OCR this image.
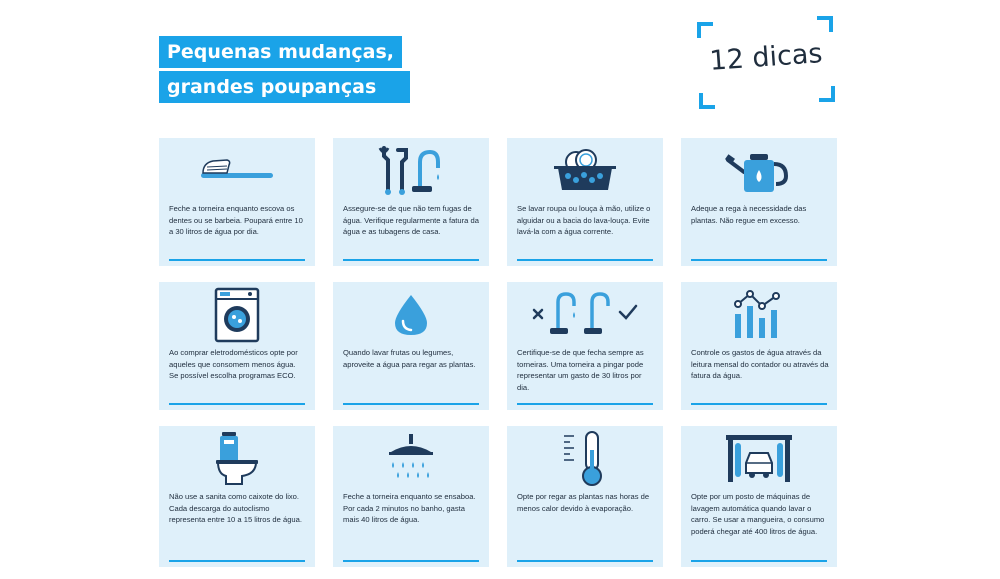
Pequenas mudanças,
grandes poupanças
12 dicas
Feche a torneira enquanto escova os dentes ou se barbeia. Poupará entre 10 a 30 litros de água por dia.
Assegure-se de que não tem fugas de água. Verifique regularmente a fatura da água e as tubagens de casa.
Se lavar roupa ou louça à mão, utilize o alguidar ou a bacia do lava-louça. Evite lavá-la com a água corrente.
Adeque a rega à necessidade das plantas. Não regue em excesso.
Ao comprar eletrodomésticos opte por aqueles que consomem menos água. Se possível escolha programas ECO.
Quando lavar frutas ou legumes, aproveite a água para regar as plantas.
Certifique-se de que fecha sempre as torneiras. Uma torneira a pingar pode representar um gasto de 30 litros por dia.
Controle os gastos de água através da leitura mensal do contador ou através da fatura da água.
Não use a sanita como caixote do lixo. Cada descarga do autoclismo representa entre 10 a 15 litros de água.
Feche a torneira enquanto se ensaboa. Por cada 2 minutos no banho, gasta mais 40 litros de água.
Opte por regar as plantas nas horas de menos calor devido à evaporação.
Opte por um posto de máquinas de lavagem automática quando lavar o carro. Se usar a mangueira, o consumo poderá chegar até 400 litros de água.
